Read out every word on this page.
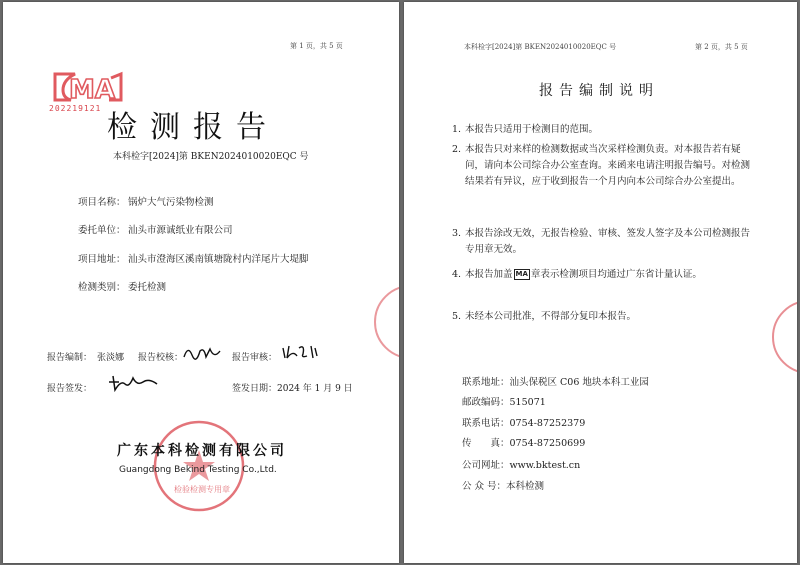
第 1 页，共 5 页
MA
202219121
检测报告
本科检字[2024]第 BKEN2024010020EQC 号
项目名称： 锅炉大气污染物检测
委托单位： 汕头市源诚纸业有限公司
项目地址： 汕头市澄海区溪南镇塘陇村内洋尾片大堤脚
检测类别： 委托检测
报告编制： 张淡娜 报告校核：	报告审核：
报告签发：	签发日期：2024 年 1 月 9 日
检验检测专用章
广东本科检测有限公司
Guangdong Bekind Testing Co.,Ltd.
本科检字[2024]第 BKEN2024010020EQC 号	第 2 页，共 5 页
报告编制说明
1. 本报告只适用于检测目的范围。
2. 本报告只对来样的检测数据或当次采样检测负责。对本报告若有疑问，请向本公司综合办公室查询。来函来电请注明报告编号。对检测结果若有异议，应于收到报告一个月内向本公司综合办公室提出。
3. 本报告涂改无效，无报告检验、审核、签发人签字及本公司检测报告专用章无效。
4. 本报告加盖 MA 章表示检测项目均通过广东省计量认证。
5. 未经本公司批准，不得部分复印本报告。
联系地址：汕头保税区 C06 地块本科工业园
邮政编码：515071
联系电话：0754-87252379
传　　真：0754-87250699
公司网址：www.bktest.cn
公 众 号：本科检测
